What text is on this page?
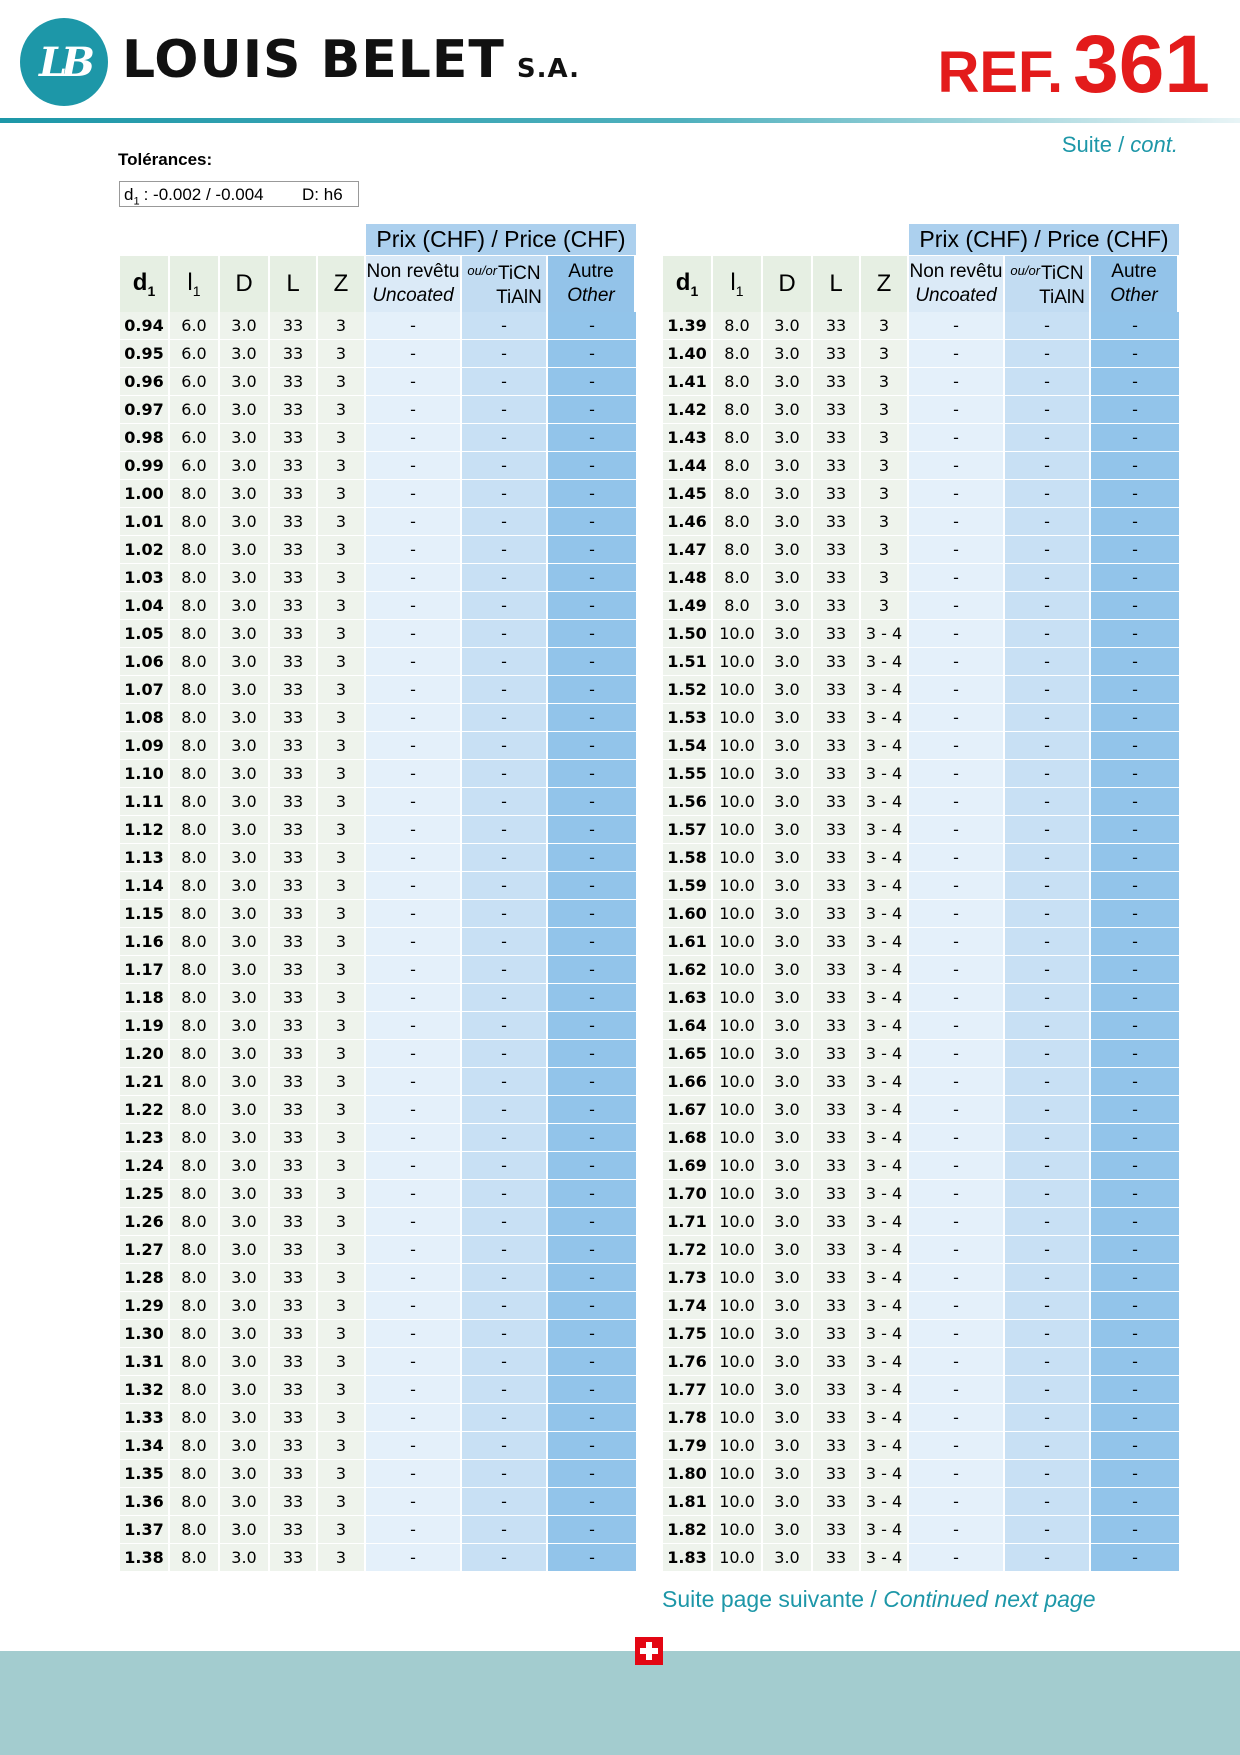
LB LOUIS BELET S.A.	REF. 361
Suite / cont.
Tolérances:
$d_1$ : -0.002 / -0.004 D: h6
					Prix (CHF) / Price (CHF)		
$d_1$	$l_1$	D	L	Z	Non revêtu
Uncoated	$^{ou/or}$TiCN
TiAlN	Autre
Other
0.94	6.0	3.0	33	3	-	-	-
0.95	6.0	3.0	33	3	-	-	-
0.96	6.0	3.0	33	3	-	-	-
0.97	6.0	3.0	33	3	-	-	-
0.98	6.0	3.0	33	3	-	-	-
0.99	6.0	3.0	33	3	-	-	-
1.00	8.0	3.0	33	3	-	-	-
1.01	8.0	3.0	33	3	-	-	-
1.02	8.0	3.0	33	3	-	-	-
1.03	8.0	3.0	33	3	-	-	-
1.04	8.0	3.0	33	3	-	-	-
1.05	8.0	3.0	33	3	-	-	-
1.06	8.0	3.0	33	3	-	-	-
1.07	8.0	3.0	33	3	-	-	-
1.08	8.0	3.0	33	3	-	-	-
1.09	8.0	3.0	33	3	-	-	-
1.10	8.0	3.0	33	3	-	-	-
1.11	8.0	3.0	33	3	-	-	-
1.12	8.0	3.0	33	3	-	-	-
1.13	8.0	3.0	33	3	-	-	-
1.14	8.0	3.0	33	3	-	-	-
1.15	8.0	3.0	33	3	-	-	-
1.16	8.0	3.0	33	3	-	-	-
1.17	8.0	3.0	33	3	-	-	-
1.18	8.0	3.0	33	3	-	-	-
1.19	8.0	3.0	33	3	-	-	-
1.20	8.0	3.0	33	3	-	-	-
1.21	8.0	3.0	33	3	-	-	-
1.22	8.0	3.0	33	3	-	-	-
1.23	8.0	3.0	33	3	-	-	-
1.24	8.0	3.0	33	3	-	-	-
1.25	8.0	3.0	33	3	-	-	-
1.26	8.0	3.0	33	3	-	-	-
1.27	8.0	3.0	33	3	-	-	-
1.28	8.0	3.0	33	3	-	-	-
1.29	8.0	3.0	33	3	-	-	-
1.30	8.0	3.0	33	3	-	-	-
1.31	8.0	3.0	33	3	-	-	-
1.32	8.0	3.0	33	3	-	-	-
1.33	8.0	3.0	33	3	-	-	-
1.34	8.0	3.0	33	3	-	-	-
1.35	8.0	3.0	33	3	-	-	-
1.36	8.0	3.0	33	3	-	-	-
1.37	8.0	3.0	33	3	-	-	-
1.38	8.0	3.0	33	3	-	-	-
					Prix (CHF) / Price (CHF)		
$d_1$	$l_1$	D	L	Z	Non revêtu
Uncoated	$^{ou/or}$TiCN
TiAlN	Autre
Other
1.39	8.0	3.0	33	3	-	-	-
1.40	8.0	3.0	33	3	-	-	-
1.41	8.0	3.0	33	3	-	-	-
1.42	8.0	3.0	33	3	-	-	-
1.43	8.0	3.0	33	3	-	-	-
1.44	8.0	3.0	33	3	-	-	-
1.45	8.0	3.0	33	3	-	-	-
1.46	8.0	3.0	33	3	-	-	-
1.47	8.0	3.0	33	3	-	-	-
1.48	8.0	3.0	33	3	-	-	-
1.49	8.0	3.0	33	3	-	-	-
1.50	10.0	3.0	33	3 - 4	-	-	-
1.51	10.0	3.0	33	3 - 4	-	-	-
1.52	10.0	3.0	33	3 - 4	-	-	-
1.53	10.0	3.0	33	3 - 4	-	-	-
1.54	10.0	3.0	33	3 - 4	-	-	-
1.55	10.0	3.0	33	3 - 4	-	-	-
1.56	10.0	3.0	33	3 - 4	-	-	-
1.57	10.0	3.0	33	3 - 4	-	-	-
1.58	10.0	3.0	33	3 - 4	-	-	-
1.59	10.0	3.0	33	3 - 4	-	-	-
1.60	10.0	3.0	33	3 - 4	-	-	-
1.61	10.0	3.0	33	3 - 4	-	-	-
1.62	10.0	3.0	33	3 - 4	-	-	-
1.63	10.0	3.0	33	3 - 4	-	-	-
1.64	10.0	3.0	33	3 - 4	-	-	-
1.65	10.0	3.0	33	3 - 4	-	-	-
1.66	10.0	3.0	33	3 - 4	-	-	-
1.67	10.0	3.0	33	3 - 4	-	-	-
1.68	10.0	3.0	33	3 - 4	-	-	-
1.69	10.0	3.0	33	3 - 4	-	-	-
1.70	10.0	3.0	33	3 - 4	-	-	-
1.71	10.0	3.0	33	3 - 4	-	-	-
1.72	10.0	3.0	33	3 - 4	-	-	-
1.73	10.0	3.0	33	3 - 4	-	-	-
1.74	10.0	3.0	33	3 - 4	-	-	-
1.75	10.0	3.0	33	3 - 4	-	-	-
1.76	10.0	3.0	33	3 - 4	-	-	-
1.77	10.0	3.0	33	3 - 4	-	-	-
1.78	10.0	3.0	33	3 - 4	-	-	-
1.79	10.0	3.0	33	3 - 4	-	-	-
1.80	10.0	3.0	33	3 - 4	-	-	-
1.81	10.0	3.0	33	3 - 4	-	-	-
1.82	10.0	3.0	33	3 - 4	-	-	-
1.83	10.0	3.0	33	3 - 4	-	-	-
Suite page suivante / Continued next page
